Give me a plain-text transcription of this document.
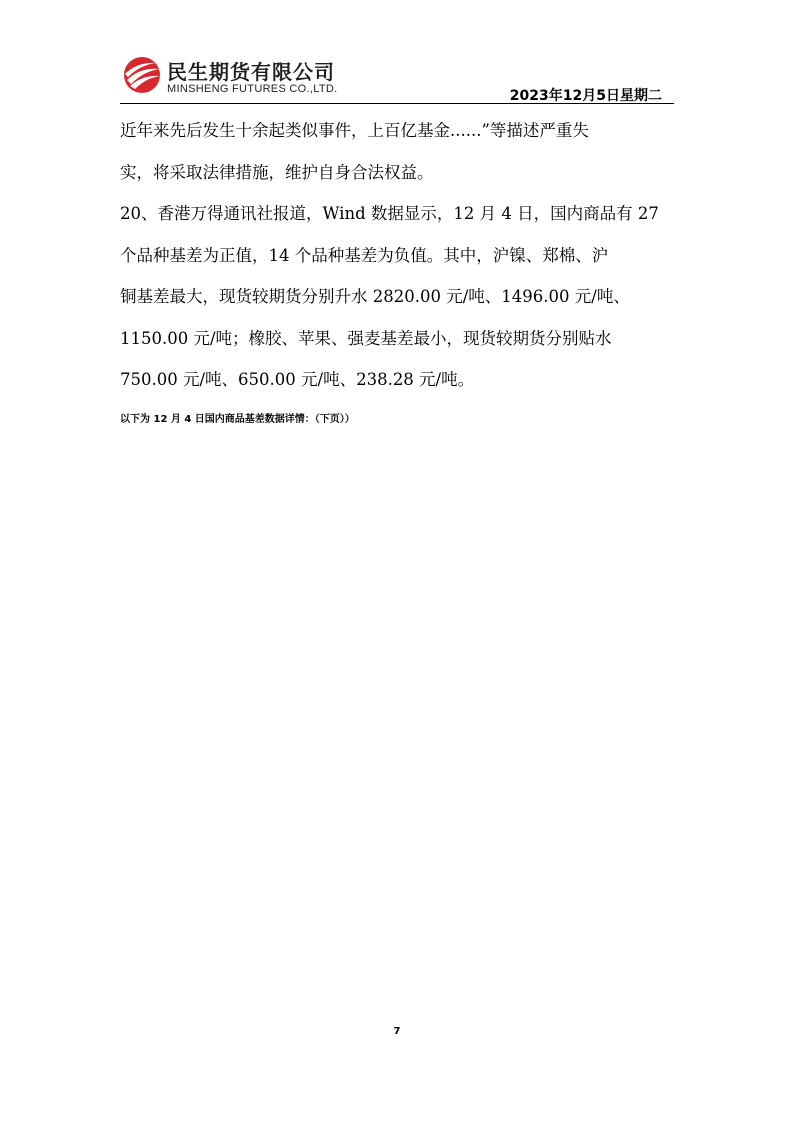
民生期货有限公司
MINSHENG FUTURES CO.,LTD.	2023年12月5日星期二
近年来先后发生十余起类似事件，上百亿基金......”等描述严重失
实，将采取法律措施，维护自身合法权益。
20、香港万得通讯社报道，Wind 数据显示，12 月 4 日，国内商品有 27
个品种基差为正值，14 个品种基差为负值。其中，沪镍、郑棉、沪
铜基差最大，现货较期货分别升水 2820.00 元/吨、1496.00 元/吨、
1150.00 元/吨；橡胶、苹果、强麦基差最小，现货较期货分别贴水
750.00 元/吨、650.00 元/吨、238.28 元/吨。
以下为 12 月 4 日国内商品基差数据详情：（下页））
7
